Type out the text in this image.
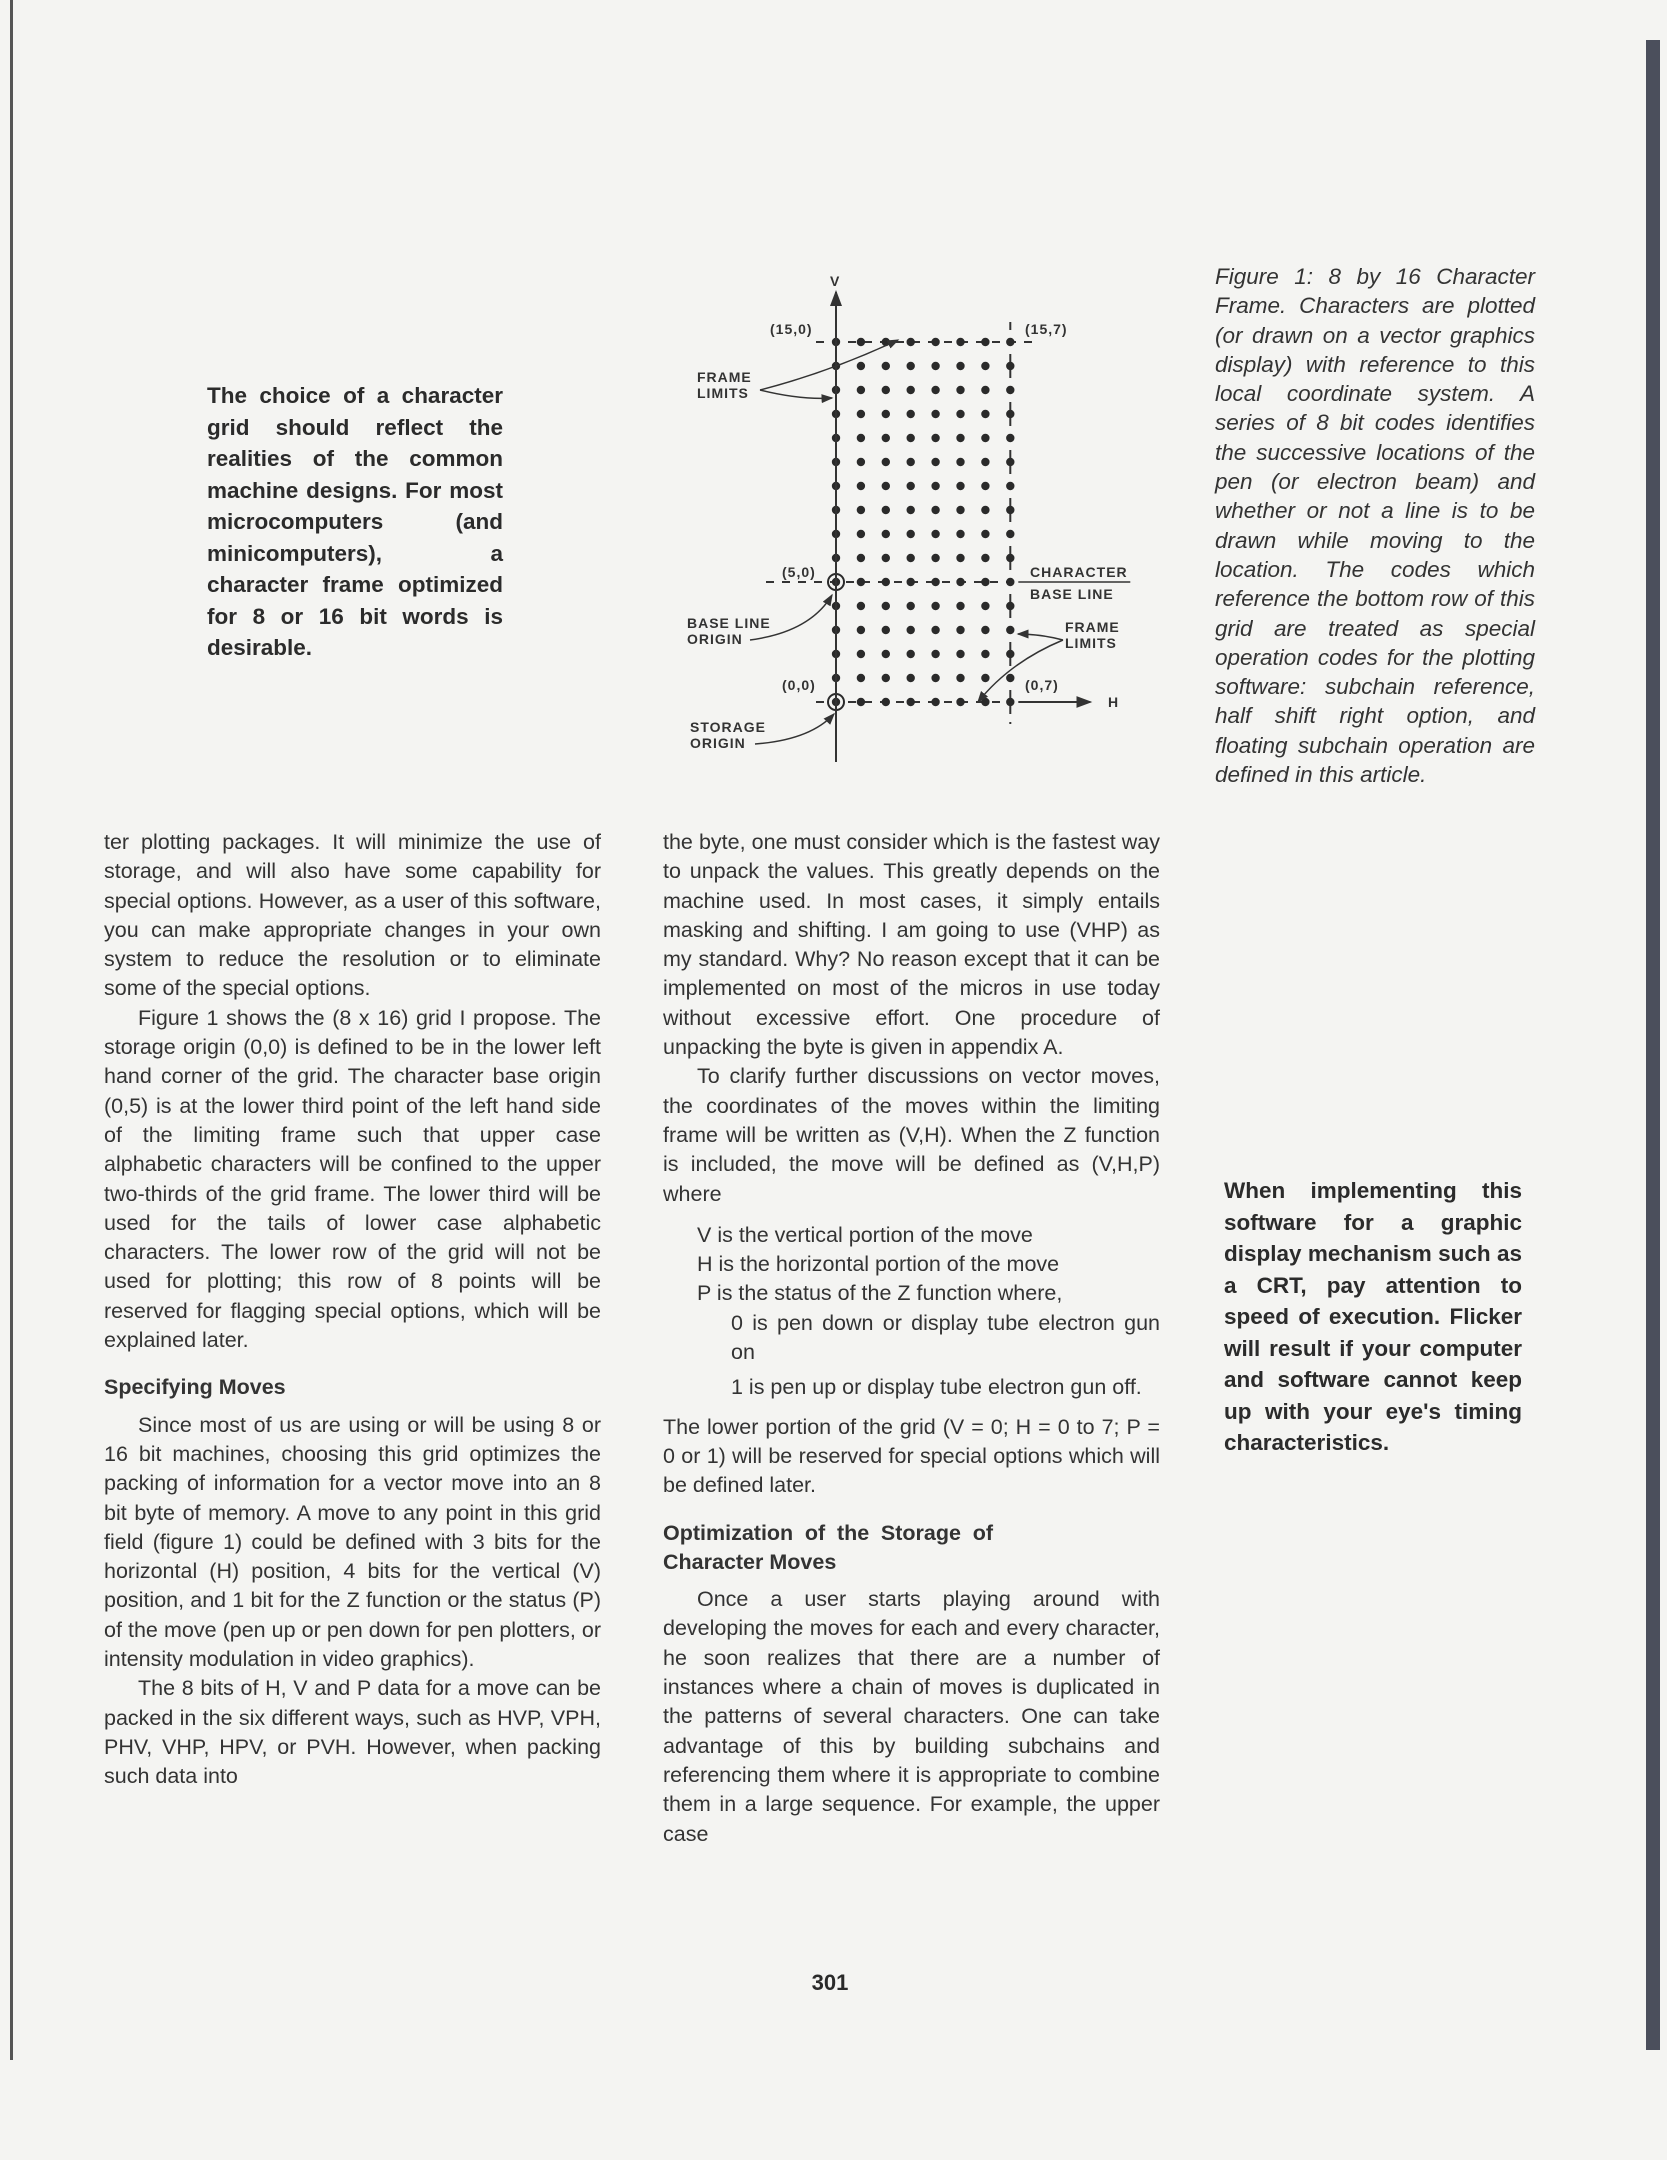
The choice of a character grid should reflect the realities of the common machine designs. For most microcomputers (and minicomputers), a character frame optimized for 8 or 16 bit words is desirable.
V
H
(15,0)	(15,7)
(5,0)
(0,0)	(0,7)
FRAME
LIMITS
CHARACTER
BASE LINE
FRAME
LIMITS
BASE LINE
ORIGIN
STORAGE
ORIGIN
Figure 1: 8 by 16 Character Frame. Characters are plotted (or drawn on a vector graphics display) with reference to this local coordinate system. A series of 8 bit codes identifies the successive locations of the pen (or electron beam) and whether or not a line is to be drawn while moving to the location. The codes which reference the bottom row of this grid are treated as special operation codes for the plotting software: subchain reference, half shift right option, and floating subchain operation are defined in this article.

ter plotting packages. It will minimize the use of storage, and will also have some capability for special options. However, as a user of this software, you can make appropriate changes in your own system to reduce the resolution or to eliminate some of the special options.

Figure 1 shows the (8 x 16) grid I propose. The storage origin (0,0) is defined to be in the lower left hand corner of the grid. The character base origin (0,5) is at the lower third point of the left hand side of the limiting frame such that upper case alphabetic characters will be confined to the upper two-thirds of the grid frame. The lower third will be used for the tails of lower case alphabetic characters. The lower row of the grid will not be used for plotting; this row of 8 points will be reserved for flagging special options, which will be explained later.

Specifying Moves

Since most of us are using or will be using 8 or 16 bit machines, choosing this grid optimizes the packing of information for a vector move into an 8 bit byte of memory. A move to any point in this grid field (figure 1) could be defined with 3 bits for the horizontal (H) position, 4 bits for the vertical (V) position, and 1 bit for the Z function or the status (P) of the move (pen up or pen down for pen plotters, or intensity modulation in video graphics).

The 8 bits of H, V and P data for a move can be packed in the six different ways, such as HVP, VPH, PHV, VHP, HPV, or PVH. However, when packing such data into

the byte, one must consider which is the fastest way to unpack the values. This greatly depends on the machine used. In most cases, it simply entails masking and shifting. I am going to use (VHP) as my standard. Why? No reason except that it can be implemented on most of the micros in use today without excessive effort. One procedure of unpacking the byte is given in appendix A.

To clarify further discussions on vector moves, the coordinates of the moves within the limiting frame will be written as (V,H). When the Z function is included, the move will be defined as (V,H,P) where

V is the vertical portion of the move
H is the horizontal portion of the move
P is the status of the Z function where,
0 is pen down or display tube electron gun on
1 is pen up or display tube electron gun off.

The lower portion of the grid (V = 0; H = 0 to 7; P = 0 or 1) will be reserved for special options which will be defined later.

Optimization of the Storage of Character Moves

Once a user starts playing around with developing the moves for each and every character, he soon realizes that there are a number of instances where a chain of moves is duplicated in the patterns of several characters. One can take advantage of this by building subchains and referencing them where it is appropriate to combine them in a large sequence. For example, the upper case

When implementing this software for a graphic display mechanism such as a CRT, pay attention to speed of execution. Flicker will result if your computer and software cannot keep up with your eye's timing characteristics.
301
